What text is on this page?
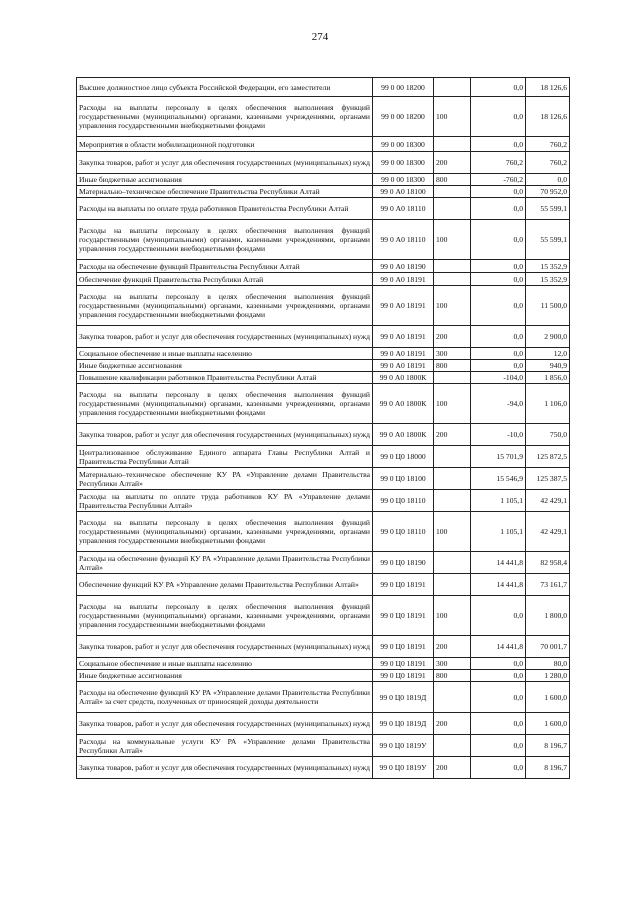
274
Высшее должностное лицо субъекта Российской Федерации, его заместители	99 0 00 18200		0,0	18 126,6
Расходы на выплаты персоналу в целях обеспечения выполнения функций государственными (муниципальными) органами, казенными учреждениями, органами управления государственными внебюджетными фондами	99 0 00 18200	100	0,0	18 126,6
Мероприятия в области мобилизационной подготовки	99 0 00 18300		0,0	760,2
Закупка товаров, работ и услуг для обеспечения государственных (муниципальных) нужд	99 0 00 18300	200	760,2	760,2
Иные бюджетные ассигнования	99 0 00 18300	800	-760,2	0,0
Материально–техническое обеспечение Правительства Республики Алтай	99 0 А0 18100		0,0	70 952,0
Расходы на выплаты по оплате труда работников Правительства Республики Алтай	99 0 А0 18110		0,0	55 599,1
Расходы на выплаты персоналу в целях обеспечения выполнения функций государственными (муниципальными) органами, казенными учреждениями, органами управления государственными внебюджетными фондами	99 0 А0 18110	100	0,0	55 599,1
Расходы на обеспечение функций Правительства Республики Алтай	99 0 А0 18190		0,0	15 352,9
Обеспечение функций Правительства Республики Алтай	99 0 А0 18191		0,0	15 352,9
Расходы на выплаты персоналу в целях обеспечения выполнения функций государственными (муниципальными) органами, казенными учреждениями, органами управления государственными внебюджетными фондами	99 0 А0 18191	100	0,0	11 500,0
Закупка товаров, работ и услуг для обеспечения государственных (муниципальных) нужд	99 0 А0 18191	200	0,0	2 900,0
Социальное обеспечение и иные выплаты населению	99 0 А0 18191	300	0,0	12,0
Иные бюджетные ассигнования	99 0 А0 18191	800	0,0	940,9
Повышение квалификации работников Правительства Республики Алтай	99 0 А0 1800К		-104,0	1 856,0
Расходы на выплаты персоналу в целях обеспечения выполнения функций государственными (муниципальными) органами, казенными учреждениями, органами управления государственными внебюджетными фондами	99 0 А0 1800К	100	-94,0	1 106,0
Закупка товаров, работ и услуг для обеспечения государственных (муниципальных) нужд	99 0 А0 1800К	200	-10,0	750,0
Централизованное обслуживание Единого аппарата Главы Республики Алтай и Правительства Республики Алтай	99 0 Ц0 18000		15 701,9	125 872,5
Материально–техническое обеспечение КУ РА «Управление делами Правительства Республики Алтай»	99 0 Ц0 18100		15 546,9	125 387,5
Расходы на выплаты по оплате труда работников КУ РА «Управление делами Правительства Республики Алтай»	99 0 Ц0 18110		1 105,1	42 429,1
Расходы на выплаты персоналу в целях обеспечения выполнения функций государственными (муниципальными) органами, казенными учреждениями, органами управления государственными внебюджетными фондами	99 0 Ц0 18110	100	1 105,1	42 429,1
Расходы на обеспечение функций КУ РА «Управление делами Правительства Республики Алтай»	99 0 Ц0 18190		14 441,8	82 958,4
Обеспечение функций КУ РА «Управление делами Правительства Республики Алтай»	99 0 Ц0 18191		14 441,8	73 161,7
Расходы на выплаты персоналу в целях обеспечения выполнения функций государственными (муниципальными) органами, казенными учреждениями, органами управления государственными внебюджетными фондами	99 0 Ц0 18191	100	0,0	1 800,0
Закупка товаров, работ и услуг для обеспечения государственных (муниципальных) нужд	99 0 Ц0 18191	200	14 441,8	70 001,7
Социальное обеспечение и иные выплаты населению	99 0 Ц0 18191	300	0,0	80,0
Иные бюджетные ассигнования	99 0 Ц0 18191	800	0,0	1 280,0
Расходы на обеспечение функций КУ РА «Управление делами Правительства Республики Алтай» за счет средств, полученных от приносящей доходы деятельности	99 0 Ц0 1819Д		0,0	1 600,0
Закупка товаров, работ и услуг для обеспечения государственных (муниципальных) нужд	99 0 Ц0 1819Д	200	0,0	1 600,0
Расходы на коммунальные услуги КУ РА «Управление делами Правительства Республики Алтай»	99 0 Ц0 1819У		0,0	8 196,7
Закупка товаров, работ и услуг для обеспечения государственных (муниципальных) нужд	99 0 Ц0 1819У	200	0,0	8 196,7
